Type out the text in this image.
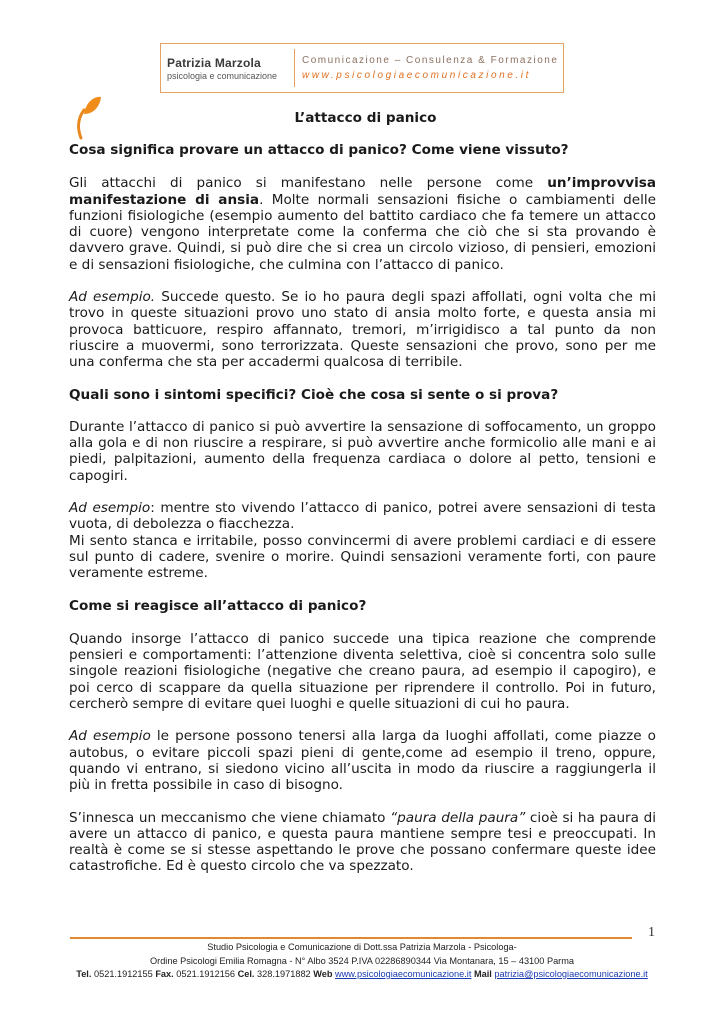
Patrizia Marzola
psicologia e comunicazione
Comunicazione – Consulenza & Formazione
www.psicologiaecomunicazione.it

L’attacco di panico

Cosa significa provare un attacco di panico? Come viene vissuto?

Gli attacchi di panico si manifestano nelle persone come un’improvvisa manifestazione di ansia. Molte normali sensazioni fisiche o cambiamenti delle funzioni fisiologiche (esempio aumento del battito cardiaco che fa temere un attacco di cuore) vengono interpretate come la conferma che ciò che si sta provando è davvero grave. Quindi, si può dire che si crea un circolo vizioso, di pensieri, emozioni e di sensazioni fisiologiche, che culmina con l’attacco di panico.

Ad esempio. Succede questo. Se io ho paura degli spazi affollati, ogni volta che mi trovo in queste situazioni provo uno stato di ansia molto forte, e questa ansia mi provoca batticuore, respiro affannato, tremori, m’irrigidisco a tal punto da non riuscire a muovermi, sono terrorizzata. Queste sensazioni che provo, sono per me una conferma che sta per accadermi qualcosa di terribile.

Quali sono i sintomi specifici? Cioè che cosa si sente o si prova?

Durante l’attacco di panico si può avvertire la sensazione di soffocamento, un groppo alla gola e di non riuscire a respirare, si può avvertire anche formicolio alle mani e ai piedi, palpitazioni, aumento della frequenza cardiaca o dolore al petto, tensioni e capogiri.

Ad esempio: mentre sto vivendo l’attacco di panico, potrei avere sensazioni di testa vuota, di debolezza o fiacchezza.

Mi sento stanca e irritabile, posso convincermi di avere problemi cardiaci e di essere sul punto di cadere, svenire o morire. Quindi sensazioni veramente forti, con paure veramente estreme.

Come si reagisce all’attacco di panico?

Quando insorge l’attacco di panico succede una tipica reazione che comprende pensieri e comportamenti: l’attenzione diventa selettiva, cioè si concentra solo sulle singole reazioni fisiologiche (negative che creano paura, ad esempio il capogiro), e poi cerco di scappare da quella situazione per riprendere il controllo. Poi in futuro, cercherò sempre di evitare quei luoghi e quelle situazioni di cui ho paura.

Ad esempio le persone possono tenersi alla larga da luoghi affollati, come piazze o autobus, o evitare piccoli spazi pieni di gente,come ad esempio il treno, oppure, quando vi entrano, si siedono vicino all’uscita in modo da riuscire a raggiungerla il più in fretta possibile in caso di bisogno.

S’innesca un meccanismo che viene chiamato “paura della paura” cioè si ha paura di avere un attacco di panico, e questa paura mantiene sempre tesi e preoccupati. In realtà è come se si stesse aspettando le prove che possano confermare queste idee catastrofiche. Ed è questo circolo che va spezzato.

1
Studio Psicologia e Comunicazione di Dott.ssa Patrizia Marzola - Psicologa-
Ordine Psicologi Emilia Romagna - N° Albo 3524 P.IVA 02286890344 Via Montanara, 15 – 43100 Parma
Tel. 0521.1912155 Fax. 0521.1912156 Cel. 328.1971882 Web www.psicologiaecomunicazione.it Mail patrizia@psicologiaecomunicazione.it
